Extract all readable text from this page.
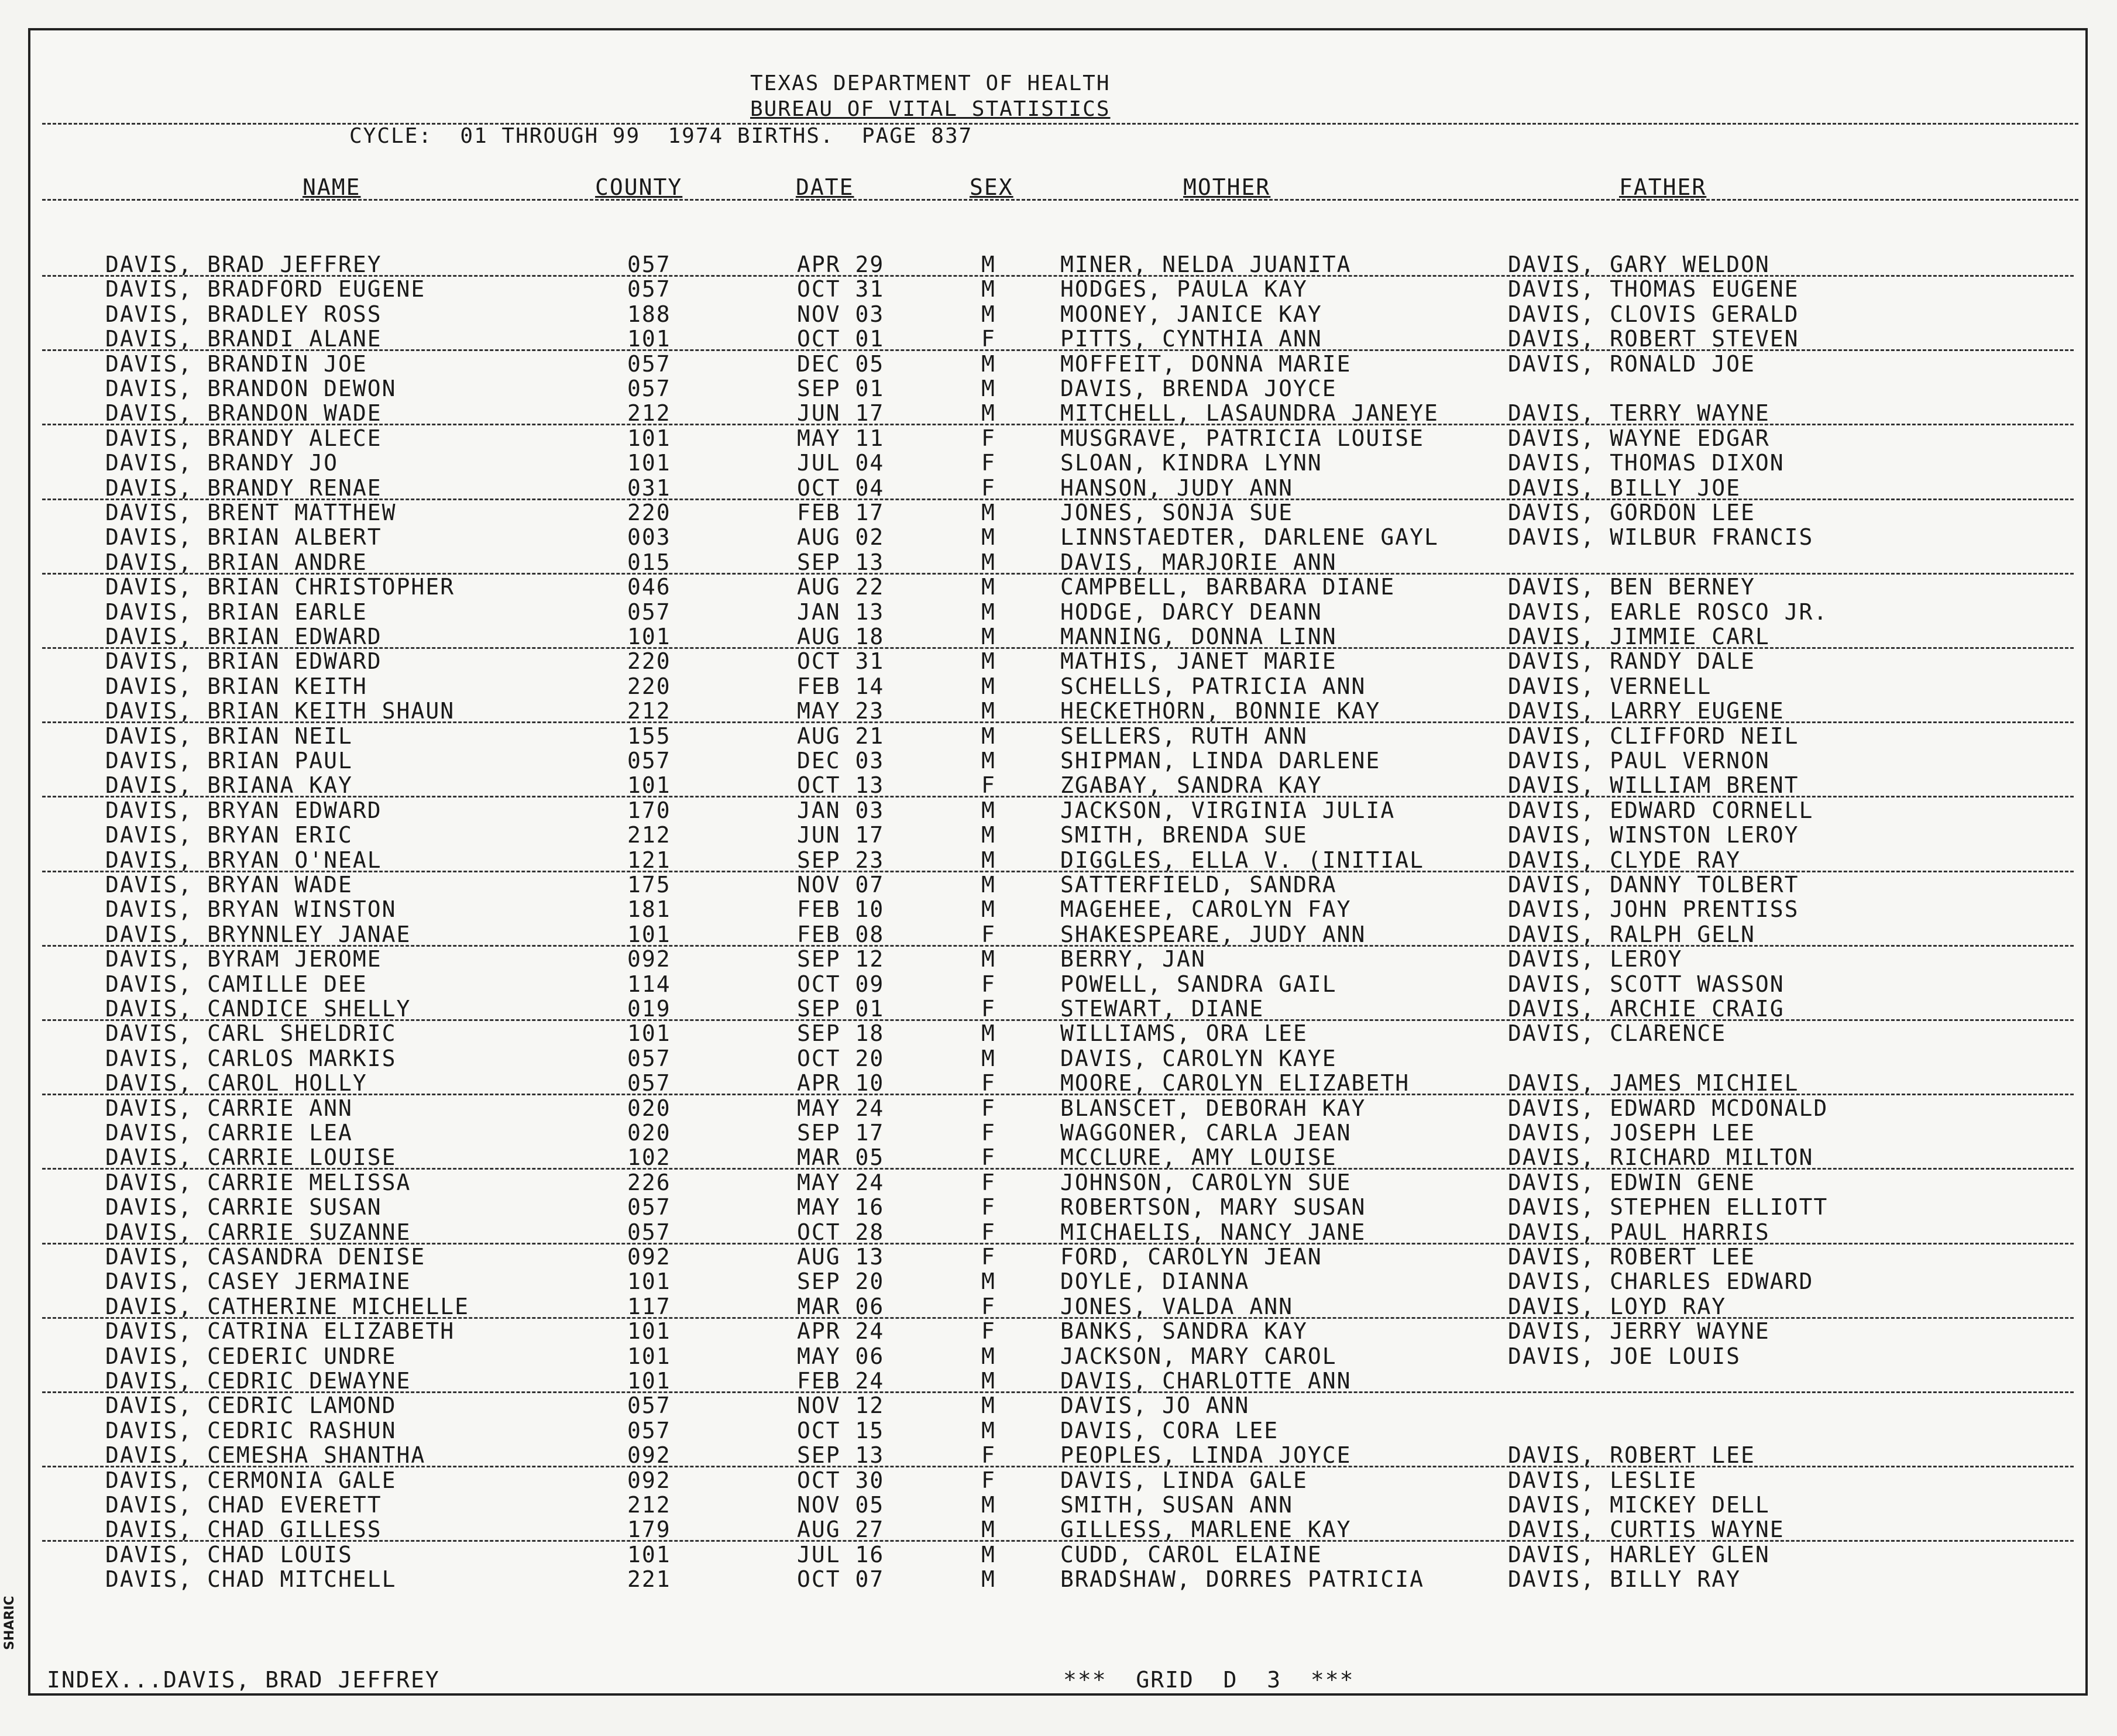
TEXAS DEPARTMENT OF HEALTH
BUREAU OF VITAL STATISTICS
CYCLE:  01 THROUGH 99  1974 BIRTHS.  PAGE 837
NAME	COUNTY	DATE	SEX	MOTHER	FATHER
DAVIS, BRAD JEFFREY	057	APR 29	M	MINER, NELDA JUANITA	DAVIS, GARY WELDON
DAVIS, BRADFORD EUGENE	057	OCT 31	M	HODGES, PAULA KAY	DAVIS, THOMAS EUGENE
DAVIS, BRADLEY ROSS	188	NOV 03	M	MOONEY, JANICE KAY	DAVIS, CLOVIS GERALD
DAVIS, BRANDI ALANE	101	OCT 01	F	PITTS, CYNTHIA ANN	DAVIS, ROBERT STEVEN
DAVIS, BRANDIN JOE	057	DEC 05	M	MOFFEIT, DONNA MARIE	DAVIS, RONALD JOE
DAVIS, BRANDON DEWON	057	SEP 01	M	DAVIS, BRENDA JOYCE
DAVIS, BRANDON WADE	212	JUN 17	M	MITCHELL, LASAUNDRA JANEYE	DAVIS, TERRY WAYNE
DAVIS, BRANDY ALECE	101	MAY 11	F	MUSGRAVE, PATRICIA LOUISE	DAVIS, WAYNE EDGAR
DAVIS, BRANDY JO	101	JUL 04	F	SLOAN, KINDRA LYNN	DAVIS, THOMAS DIXON
DAVIS, BRANDY RENAE	031	OCT 04	F	HANSON, JUDY ANN	DAVIS, BILLY JOE
DAVIS, BRENT MATTHEW	220	FEB 17	M	JONES, SONJA SUE	DAVIS, GORDON LEE
DAVIS, BRIAN ALBERT	003	AUG 02	M	LINNSTAEDTER, DARLENE GAYL	DAVIS, WILBUR FRANCIS
DAVIS, BRIAN ANDRE	015	SEP 13	M	DAVIS, MARJORIE ANN
DAVIS, BRIAN CHRISTOPHER	046	AUG 22	M	CAMPBELL, BARBARA DIANE	DAVIS, BEN BERNEY
DAVIS, BRIAN EARLE	057	JAN 13	M	HODGE, DARCY DEANN	DAVIS, EARLE ROSCO JR.
DAVIS, BRIAN EDWARD	101	AUG 18	M	MANNING, DONNA LINN	DAVIS, JIMMIE CARL
DAVIS, BRIAN EDWARD	220	OCT 31	M	MATHIS, JANET MARIE	DAVIS, RANDY DALE
DAVIS, BRIAN KEITH	220	FEB 14	M	SCHELLS, PATRICIA ANN	DAVIS, VERNELL
DAVIS, BRIAN KEITH SHAUN	212	MAY 23	M	HECKETHORN, BONNIE KAY	DAVIS, LARRY EUGENE
DAVIS, BRIAN NEIL	155	AUG 21	M	SELLERS, RUTH ANN	DAVIS, CLIFFORD NEIL
DAVIS, BRIAN PAUL	057	DEC 03	M	SHIPMAN, LINDA DARLENE	DAVIS, PAUL VERNON
DAVIS, BRIANA KAY	101	OCT 13	F	ZGABAY, SANDRA KAY	DAVIS, WILLIAM BRENT
DAVIS, BRYAN EDWARD	170	JAN 03	M	JACKSON, VIRGINIA JULIA	DAVIS, EDWARD CORNELL
DAVIS, BRYAN ERIC	212	JUN 17	M	SMITH, BRENDA SUE	DAVIS, WINSTON LEROY
DAVIS, BRYAN O'NEAL	121	SEP 23	M	DIGGLES, ELLA V. (INITIAL	DAVIS, CLYDE RAY
DAVIS, BRYAN WADE	175	NOV 07	M	SATTERFIELD, SANDRA	DAVIS, DANNY TOLBERT
DAVIS, BRYAN WINSTON	181	FEB 10	M	MAGEHEE, CAROLYN FAY	DAVIS, JOHN PRENTISS
DAVIS, BRYNNLEY JANAE	101	FEB 08	F	SHAKESPEARE, JUDY ANN	DAVIS, RALPH GELN
DAVIS, BYRAM JEROME	092	SEP 12	M	BERRY, JAN	DAVIS, LEROY
DAVIS, CAMILLE DEE	114	OCT 09	F	POWELL, SANDRA GAIL	DAVIS, SCOTT WASSON
DAVIS, CANDICE SHELLY	019	SEP 01	F	STEWART, DIANE	DAVIS, ARCHIE CRAIG
DAVIS, CARL SHELDRIC	101	SEP 18	M	WILLIAMS, ORA LEE	DAVIS, CLARENCE
DAVIS, CARLOS MARKIS	057	OCT 20	M	DAVIS, CAROLYN KAYE
DAVIS, CAROL HOLLY	057	APR 10	F	MOORE, CAROLYN ELIZABETH	DAVIS, JAMES MICHIEL
DAVIS, CARRIE ANN	020	MAY 24	F	BLANSCET, DEBORAH KAY	DAVIS, EDWARD MCDONALD
DAVIS, CARRIE LEA	020	SEP 17	F	WAGGONER, CARLA JEAN	DAVIS, JOSEPH LEE
DAVIS, CARRIE LOUISE	102	MAR 05	F	MCCLURE, AMY LOUISE	DAVIS, RICHARD MILTON
DAVIS, CARRIE MELISSA	226	MAY 24	F	JOHNSON, CAROLYN SUE	DAVIS, EDWIN GENE
DAVIS, CARRIE SUSAN	057	MAY 16	F	ROBERTSON, MARY SUSAN	DAVIS, STEPHEN ELLIOTT
DAVIS, CARRIE SUZANNE	057	OCT 28	F	MICHAELIS, NANCY JANE	DAVIS, PAUL HARRIS
DAVIS, CASANDRA DENISE	092	AUG 13	F	FORD, CAROLYN JEAN	DAVIS, ROBERT LEE
DAVIS, CASEY JERMAINE	101	SEP 20	M	DOYLE, DIANNA	DAVIS, CHARLES EDWARD
DAVIS, CATHERINE MICHELLE	117	MAR 06	F	JONES, VALDA ANN	DAVIS, LOYD RAY
DAVIS, CATRINA ELIZABETH	101	APR 24	F	BANKS, SANDRA KAY	DAVIS, JERRY WAYNE
DAVIS, CEDERIC UNDRE	101	MAY 06	M	JACKSON, MARY CAROL	DAVIS, JOE LOUIS
DAVIS, CEDRIC DEWAYNE	101	FEB 24	M	DAVIS, CHARLOTTE ANN
DAVIS, CEDRIC LAMOND	057	NOV 12	M	DAVIS, JO ANN
DAVIS, CEDRIC RASHUN	057	OCT 15	M	DAVIS, CORA LEE
DAVIS, CEMESHA SHANTHA	092	SEP 13	F	PEOPLES, LINDA JOYCE	DAVIS, ROBERT LEE
DAVIS, CERMONIA GALE	092	OCT 30	F	DAVIS, LINDA GALE	DAVIS, LESLIE
DAVIS, CHAD EVERETT	212	NOV 05	M	SMITH, SUSAN ANN	DAVIS, MICKEY DELL
DAVIS, CHAD GILLESS	179	AUG 27	M	GILLESS, MARLENE KAY	DAVIS, CURTIS WAYNE
DAVIS, CHAD LOUIS	101	JUL 16	M	CUDD, CAROL ELAINE	DAVIS, HARLEY GLEN
DAVIS, CHAD MITCHELL	221	OCT 07	M	BRADSHAW, DORRES PATRICIA	DAVIS, BILLY RAY
INDEX...DAVIS, BRAD JEFFREY	***  GRID  D  3  ***
SHARIC
